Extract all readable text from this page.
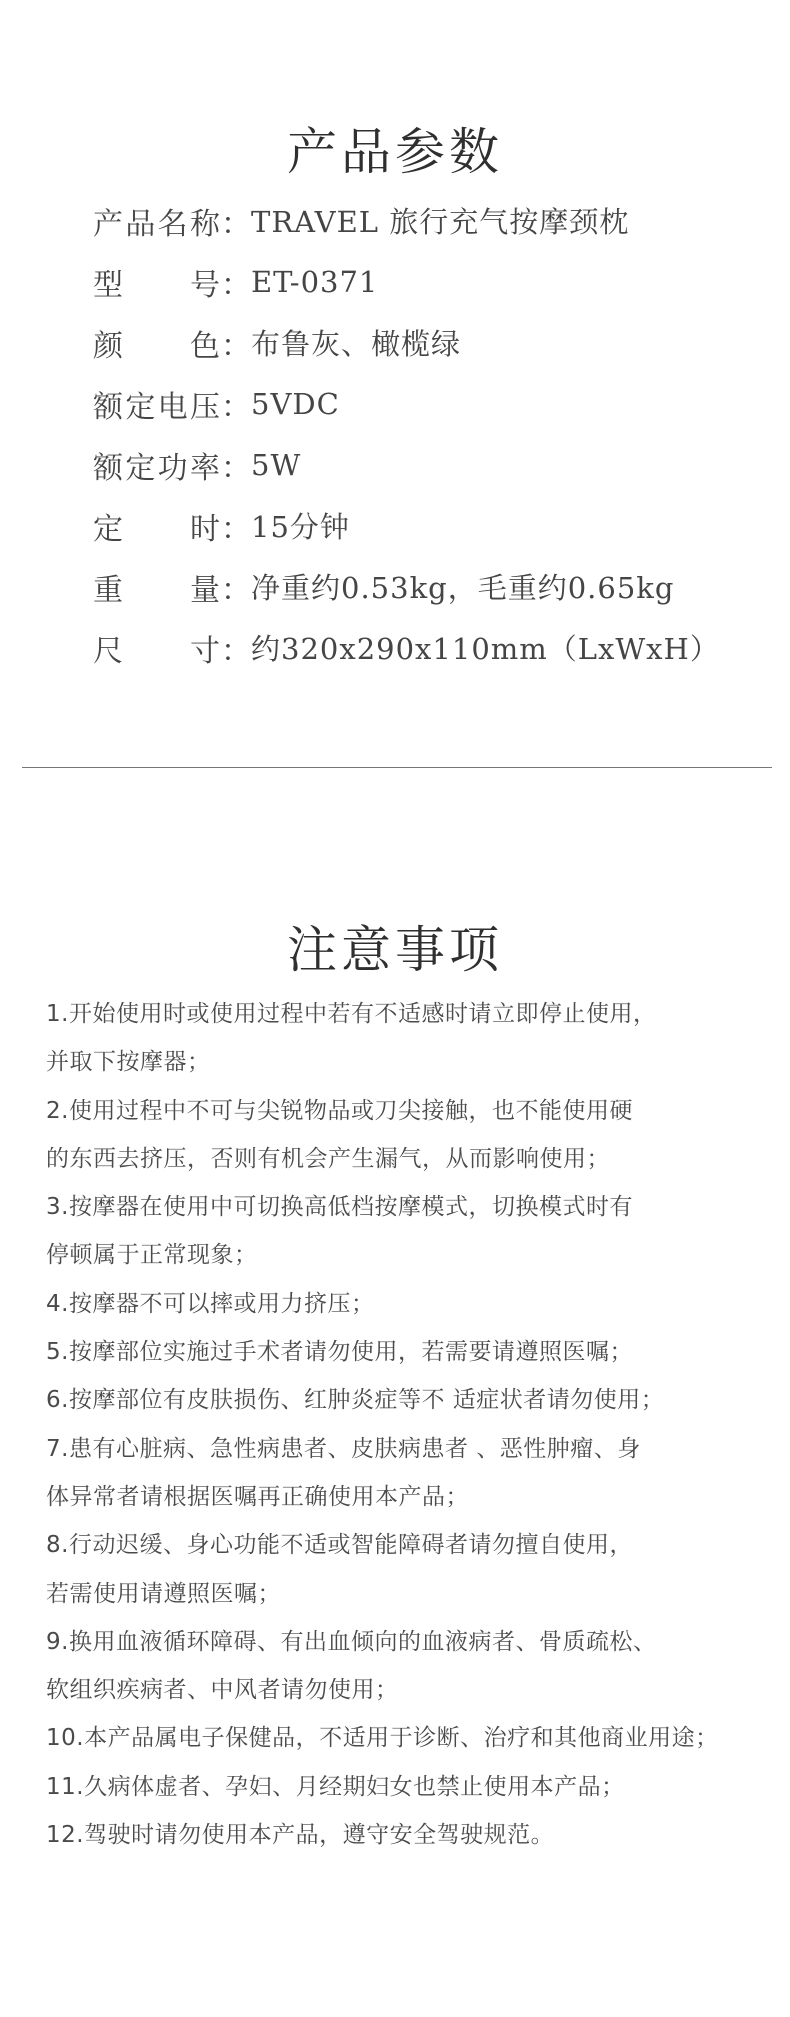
产品参数
产品名称 ： TRAVEL 旅行充气按摩颈枕
型号 ： ET-0371
颜色 ： 布鲁灰、橄榄绿
额定电压 ： 5VDC
额定功率 ： 5W
定时 ： 15分钟
重量 ： 净重约0.53kg，毛重约0.65kg
尺寸 ： 约320x290x110mm（LxWxH）
注意事项
1.开始使用时或使用过程中若有不适感时请立即停止使用，
并取下按摩器；
2.使用过程中不可与尖锐物品或刀尖接触，也不能使用硬
的东西去挤压，否则有机会产生漏气，从而影响使用；
3.按摩器在使用中可切换高低档按摩模式，切换模式时有
停顿属于正常现象；
4.按摩器不可以摔或用力挤压；
5.按摩部位实施过手术者请勿使用，若需要请遵照医嘱；
6.按摩部位有皮肤损伤、红肿炎症等不 适症状者请勿使用；
7.患有心脏病、急性病患者、皮肤病患者 、恶性肿瘤、身
体异常者请根据医嘱再正确使用本产品；
8.行动迟缓、身心功能不适或智能障碍者请勿擅自使用，
若需使用请遵照医嘱；
9.换用血液循环障碍、有出血倾向的血液病者、骨质疏松、
软组织疾病者、中风者请勿使用；
10.本产品属电子保健品，不适用于诊断、治疗和其他商业用途；
11.久病体虚者、孕妇、月经期妇女也禁止使用本产品；
12.驾驶时请勿使用本产品，遵守安全驾驶规范。
